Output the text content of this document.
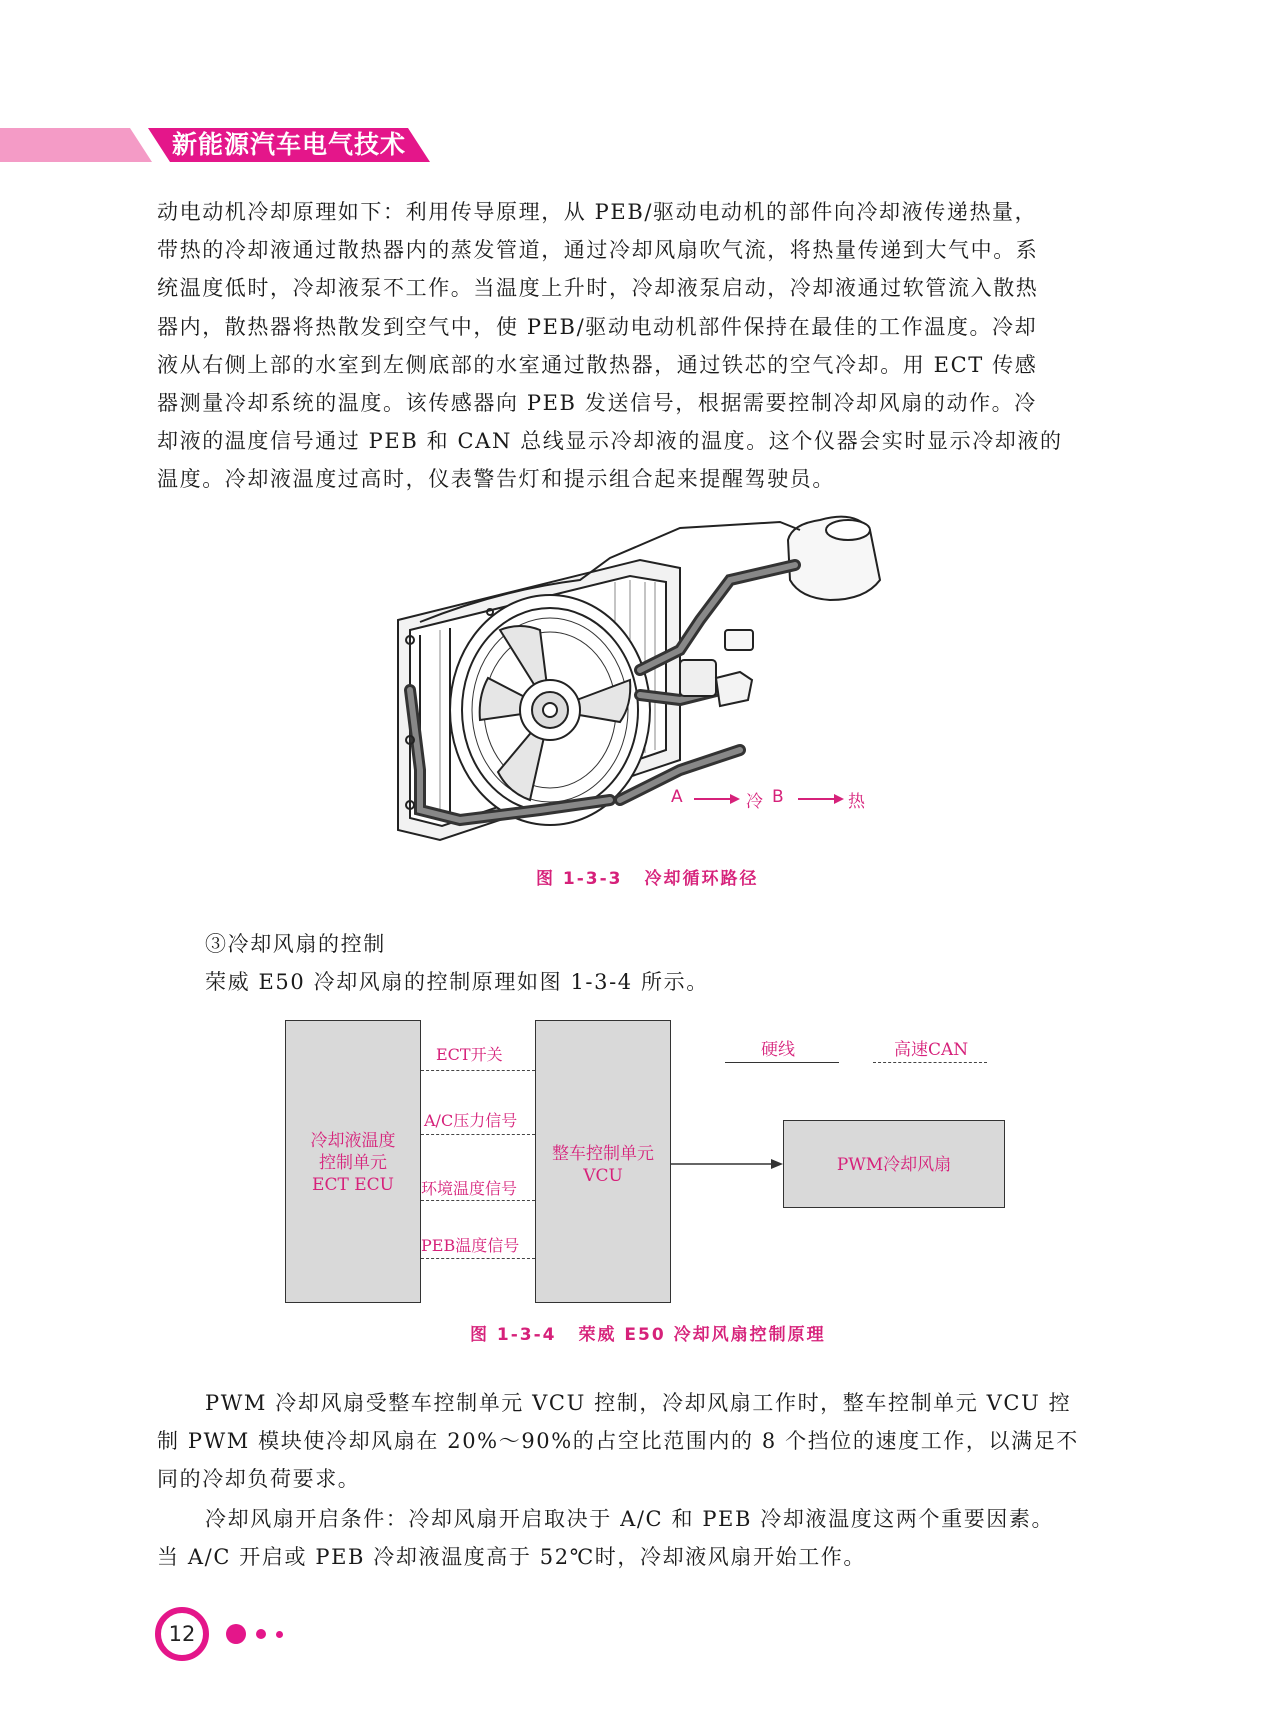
新能源汽车电气技术
动电动机冷却原理如下：利用传导原理，从 PEB/驱动电动机的部件向冷却液传递热量，
带热的冷却液通过散热器内的蒸发管道，通过冷却风扇吹气流，将热量传递到大气中。系
统温度低时，冷却液泵不工作。当温度上升时，冷却液泵启动，冷却液通过软管流入散热
器内，散热器将热散发到空气中，使 PEB/驱动电动机部件保持在最佳的工作温度。冷却
液从右侧上部的水室到左侧底部的水室通过散热器，通过铁芯的空气冷却。用 ECT 传感
器测量冷却系统的温度。该传感器向 PEB 发送信号，根据需要控制冷却风扇的动作。冷
却液的温度信号通过 PEB 和 CAN 总线显示冷却液的温度。这个仪器会实时显示冷却液的
温度。冷却液温度过高时，仪表警告灯和提示组合起来提醒驾驶员。
A	冷 B	热
图 1-3-3 冷却循环路径
③冷却风扇的控制
荣威 E50 冷却风扇的控制原理如图 1-3-4 所示。
冷却液温度
控制单元
ECT ECU
整车控制单元
VCU
PWM冷却风扇
ECT开关
A/C压力信号
环境温度信号
PEB温度信号
硬线	高速CAN
图 1-3-4 荣威 E50 冷却风扇控制原理
PWM 冷却风扇受整车控制单元 VCU 控制，冷却风扇工作时，整车控制单元 VCU 控
制 PWM 模块使冷却风扇在 20%～90%的占空比范围内的 8 个挡位的速度工作，以满足不
同的冷却负荷要求。
冷却风扇开启条件：冷却风扇开启取决于 A/C 和 PEB 冷却液温度这两个重要因素。
当 A/C 开启或 PEB 冷却液温度高于 52℃时，冷却液风扇开始工作。
12
